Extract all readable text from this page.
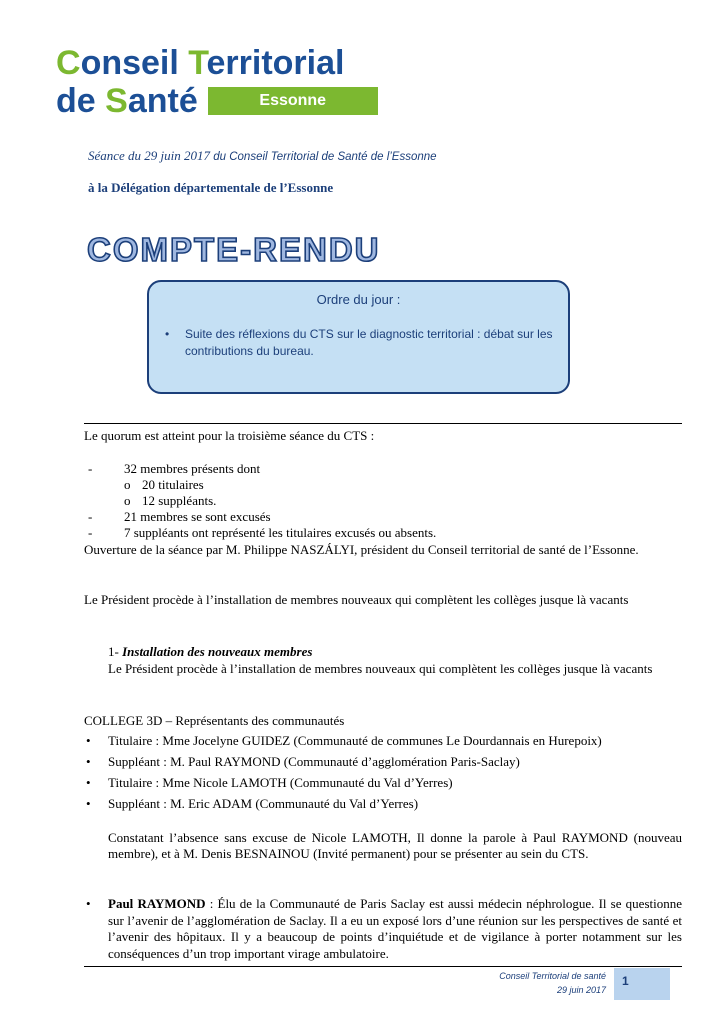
Conseil Territorial
de S anté	Essonne
Séance du 29 juin 2017 du Conseil Territorial de Santé de l’Essonne
à la Délégation départementale de l’Essonne
COMPTE-RENDU
Ordre du jour :
• Suite des réflexions du CTS sur le diagnostic territorial : débat sur les contributions du bureau.
Le quorum est atteint pour la troisième séance du CTS :
- 32 membres présents dont
o 20 titulaires
o 12 suppléants.
- 21 membres se sont excusés
- 7 suppléants ont représenté les titulaires excusés ou absents.
Ouverture de la séance par M. Philippe NASZÁLYI, président du Conseil territorial de santé de l’Essonne.
Le Président procède à l’installation de membres nouveaux qui complètent les collèges jusque là vacants
1- Installation des nouveaux membres
Le Président procède à l’installation de membres nouveaux qui complètent les collèges jusque là vacants
COLLEGE 3D – Représentants des communautés
• Titulaire : Mme Jocelyne GUIDEZ (Communauté de communes Le Dourdannais en Hurepoix)
• Suppléant : M. Paul RAYMOND (Communauté d’agglomération Paris-Saclay)
• Titulaire : Mme Nicole LAMOTH (Communauté du Val d’Yerres)
• Suppléant : M. Eric ADAM (Communauté du Val d’Yerres)
Constatant l’absence sans excuse de Nicole LAMOTH, Il donne la parole à Paul RAYMOND (nouveau membre), et à M. Denis BESNAINOU (Invité permanent) pour se présenter au sein du CTS.
• Paul RAYMOND : Élu de la Communauté de Paris Saclay est aussi médecin néphrologue. Il se questionne sur l’avenir de l’agglomération de Saclay. Il a eu un exposé lors d’une réunion sur les perspectives de santé et l’avenir des hôpitaux. Il y a beaucoup de points d’inquiétude et de vigilance à porter notamment sur les conséquences d’un trop important virage ambulatoire.
Conseil Territorial de santé
29 juin 2017
1
